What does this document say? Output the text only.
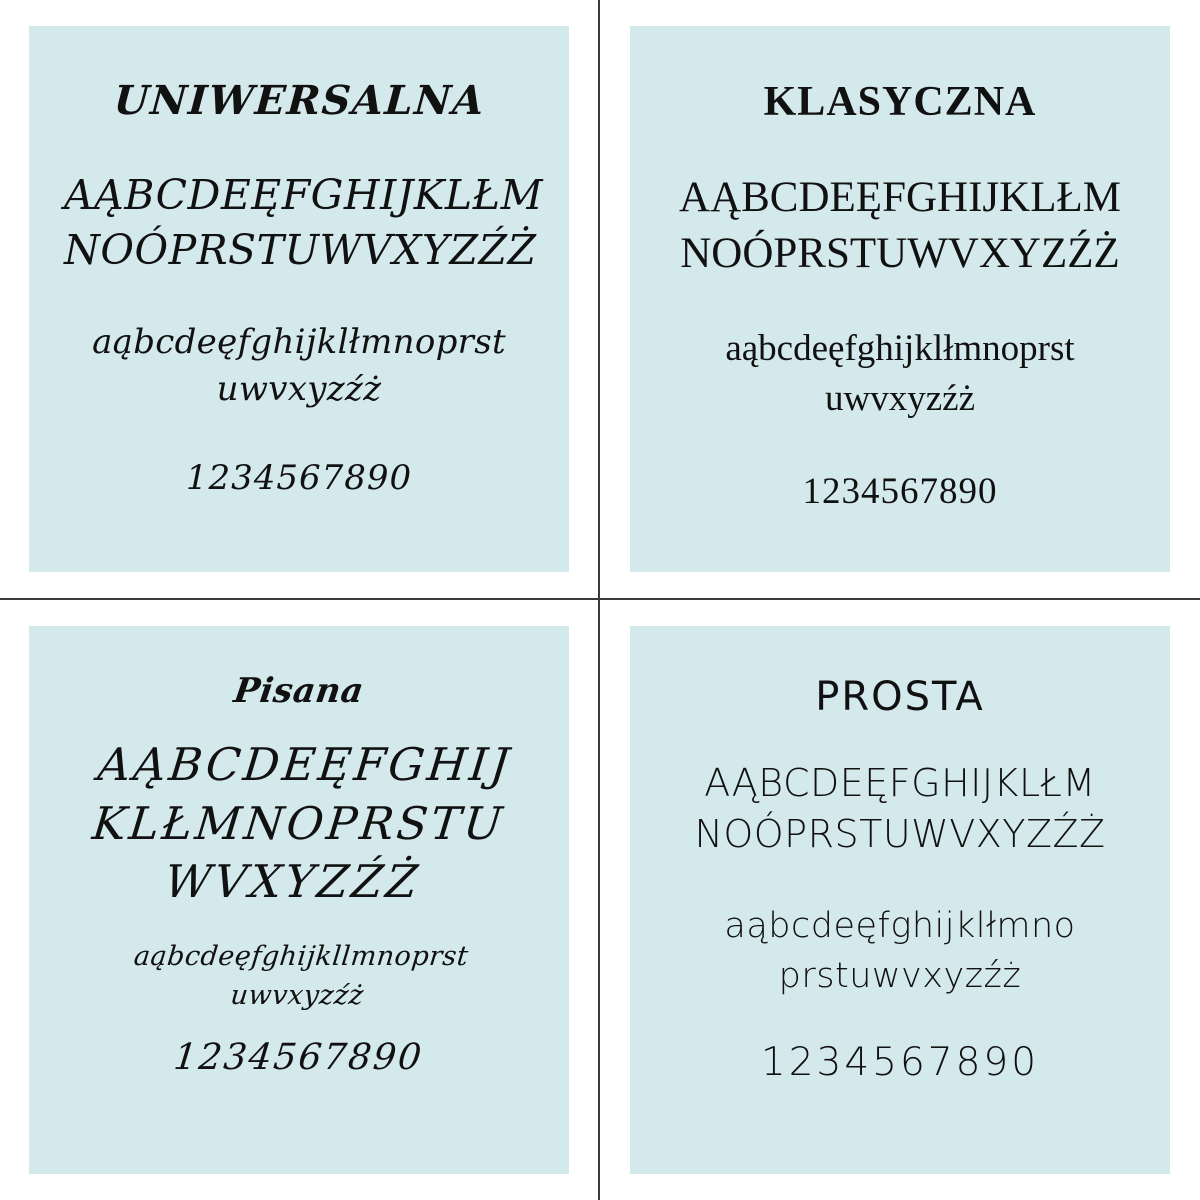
UNIWERSALNA
AĄBCDEĘFGHIJKLŁM
NOÓPRSTUWVXYZŹŻ
aąbcdeęfghijklłmnoprst
uwvxyzźż
1234567890
KLASYCZNA
AĄBCDEĘFGHIJKLŁM
NOÓPRSTUWVXYZŹŻ
aąbcdeęfghijklłmnoprst
uwvxyzźż
1234567890
Pisana
AĄBCDEĘFGHIJ
KLŁMNOPRSTU
WVXYZŹŻ
aąbcdeęfghijkllmnoprst
uwvxyzźż
1234567890
PROSTA
AĄBCDEĘFGHIJKLŁM
NOÓPRSTUWVXYZŹŻ
aąbcdeęfghijklłmno
prstuwvxyzźż
1234567890
